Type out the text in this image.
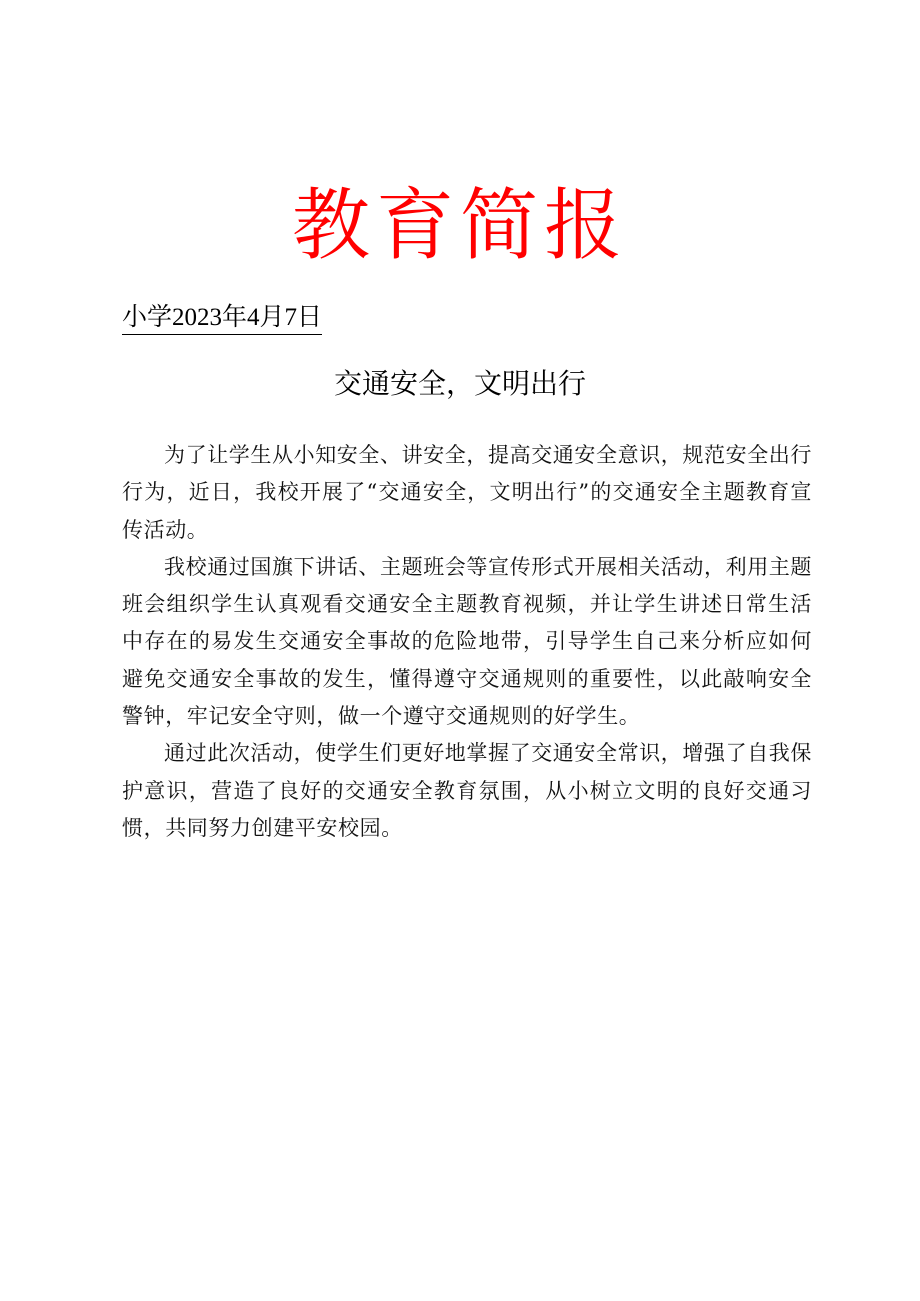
教育简报
小学2023年4月7日
交通安全，文明出行

为了让学生从小知安全、讲安全，提高交通安全意识，规范安全出行行为，近日，我校开展了“交通安全，文明出行”的交通安全主题教育宣传活动。

我校通过国旗下讲话、主题班会等宣传形式开展相关活动，利用主题班会组织学生认真观看交通安全主题教育视频，并让学生讲述日常生活中存在的易发生交通安全事故的危险地带，引导学生自己来分析应如何避免交通安全事故的发生，懂得遵守交通规则的重要性，以此敲响安全警钟，牢记安全守则，做一个遵守交通规则的好学生。

通过此次活动，使学生们更好地掌握了交通安全常识，增强了自我保护意识，营造了良好的交通安全教育氛围，从小树立文明的良好交通习惯，共同努力创建平安校园。
